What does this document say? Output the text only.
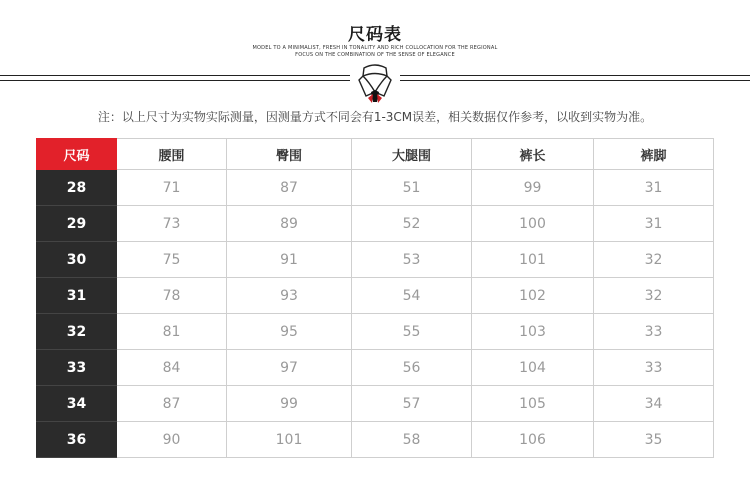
尺码表
MODEL TO A MINIMALIST, FRESH IN TONALITY AND RICH COLLOCATION FOR THE REGIONAL
FOCUS ON THE COMBINATION OF THE SENSE OF ELEGANCE
注：以上尺寸为实物实际测量，因测量方式不同会有1-3CM误差，相关数据仅作参考，以收到实物为准。
尺码	腰围	臀围	大腿围	裤长	裤脚
28	71	87	51	99	31
29	73	89	52	100	31
30	75	91	53	101	32
31	78	93	54	102	32
32	81	95	55	103	33
33	84	97	56	104	33
34	87	99	57	105	34
36	90	101	58	106	35
